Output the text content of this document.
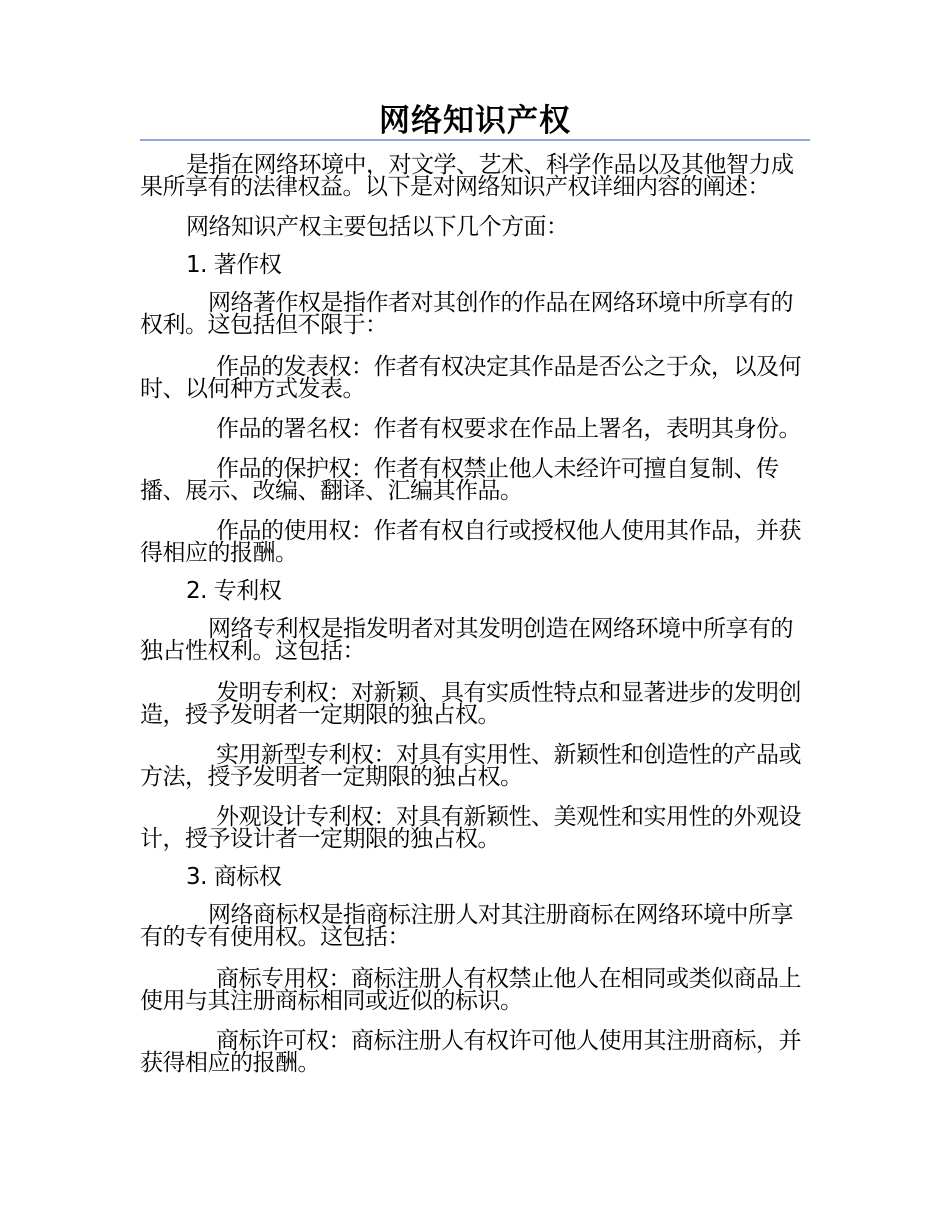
网络知识产权

是指在网络环境中，对文学、艺术、科学作品以及其他智力成果所享有的法律权益。以下是对网络知识产权详细内容的阐述：

网络知识产权主要包括以下几个方面：

1. 著作权

网络著作权是指作者对其创作的作品在网络环境中所享有的权利。这包括但不限于：

作品的发表权：作者有权决定其作品是否公之于众，以及何时、以何种方式发表。

作品的署名权：作者有权要求在作品上署名，表明其身份。

作品的保护权：作者有权禁止他人未经许可擅自复制、传播、展示、改编、翻译、汇编其作品。

作品的使用权：作者有权自行或授权他人使用其作品，并获得相应的报酬。

2. 专利权

网络专利权是指发明者对其发明创造在网络环境中所享有的独占性权利。这包括：

发明专利权：对新颖、具有实质性特点和显著进步的发明创造，授予发明者一定期限的独占权。

实用新型专利权：对具有实用性、新颖性和创造性的产品或方法，授予发明者一定期限的独占权。

外观设计专利权：对具有新颖性、美观性和实用性的外观设计，授予设计者一定期限的独占权。

3. 商标权

网络商标权是指商标注册人对其注册商标在网络环境中所享有的专有使用权。这包括：

商标专用权：商标注册人有权禁止他人在相同或类似商品上使用与其注册商标相同或近似的标识。

商标许可权：商标注册人有权许可他人使用其注册商标，并获得相应的报酬。
